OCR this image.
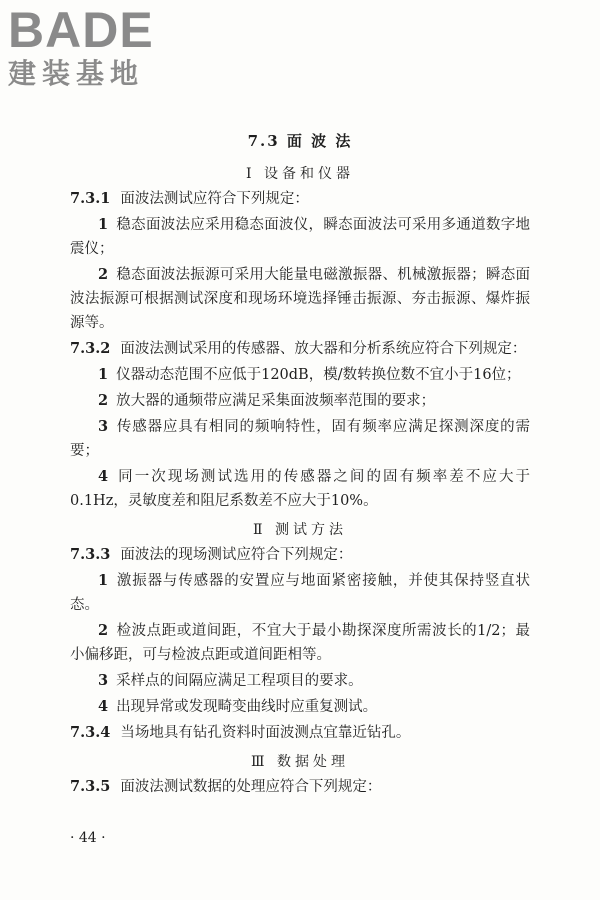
BADE
建装基地
7.3 面 波 法
Ⅰ 设备和仪器
7.3.1 面波法测试应符合下列规定：
1 稳态面波法应采用稳态面波仪，瞬态面波法可采用多通道数字地震仪；
2 稳态面波法振源可采用大能量电磁激振器、机械激振器；瞬态面波法振源可根据测试深度和现场环境选择锤击振源、夯击振源、爆炸振源等。
7.3.2 面波法测试采用的传感器、放大器和分析系统应符合下列规定：
1 仪器动态范围不应低于120dB，模/数转换位数不宜小于16位；
2 放大器的通频带应满足采集面波频率范围的要求；
3 传感器应具有相同的频响特性，固有频率应满足探测深度的需要；
4 同一次现场测试选用的传感器之间的固有频率差不应大于0.1Hz，灵敏度差和阻尼系数差不应大于10%。
Ⅱ 测试方法
7.3.3 面波法的现场测试应符合下列规定：
1 激振器与传感器的安置应与地面紧密接触，并使其保持竖直状态。
2 检波点距或道间距，不宜大于最小勘探深度所需波长的1/2；最小偏移距，可与检波点距或道间距相等。
3 采样点的间隔应满足工程项目的要求。
4 出现异常或发现畸变曲线时应重复测试。
7.3.4 当场地具有钻孔资料时面波测点宜靠近钻孔。
Ⅲ 数据处理
7.3.5 面波法测试数据的处理应符合下列规定：
· 44 ·
